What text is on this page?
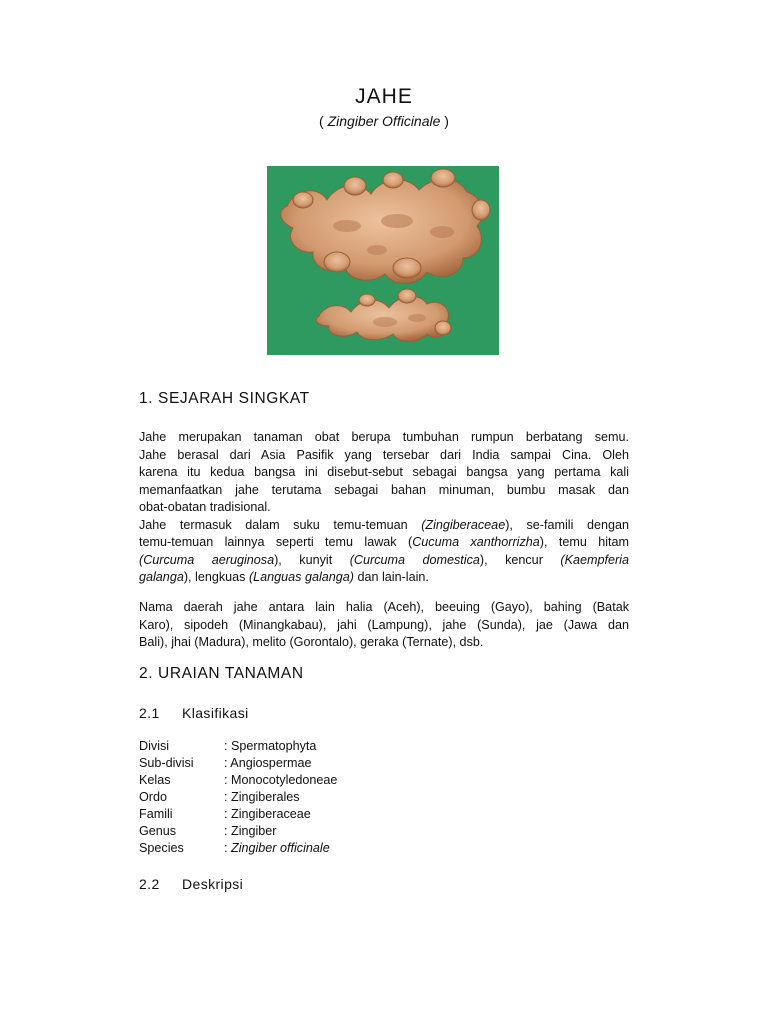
JAHE
( Zingiber Officinale )
1. SEJARAH SINGKAT
Jahe merupakan tanaman obat berupa tumbuhan rumpun berbatang semu.
Jahe berasal dari Asia Pasifik yang tersebar dari India sampai Cina. Oleh
karena itu kedua bangsa ini disebut-sebut sebagai bangsa yang pertama kali
memanfaatkan jahe terutama sebagai bahan minuman, bumbu masak dan
obat-obatan tradisional.
Jahe termasuk dalam suku temu-temuan (Zingiberaceae), se-famili dengan
temu-temuan lainnya seperti temu lawak (Cucuma xanthorrizha), temu hitam
(Curcuma aeruginosa), kunyit (Curcuma domestica), kencur (Kaempferia
galanga), lengkuas (Languas galanga) dan lain-lain.
Nama daerah jahe antara lain halia (Aceh), beeuing (Gayo), bahing (Batak
Karo), sipodeh (Minangkabau), jahi (Lampung), jahe (Sunda), jae (Jawa dan
Bali), jhai (Madura), melito (Gorontalo), geraka (Ternate), dsb.
2. URAIAN TANAMAN
2.1 Klasifikasi
Divisi	: Spermatophyta
Sub-divisi	: Angiospermae
Kelas	: Monocotyledoneae
Ordo	: Zingiberales
Famili	: Zingiberaceae
Genus	: Zingiber
Species	: Zingiber officinale
2.2 Deskripsi
